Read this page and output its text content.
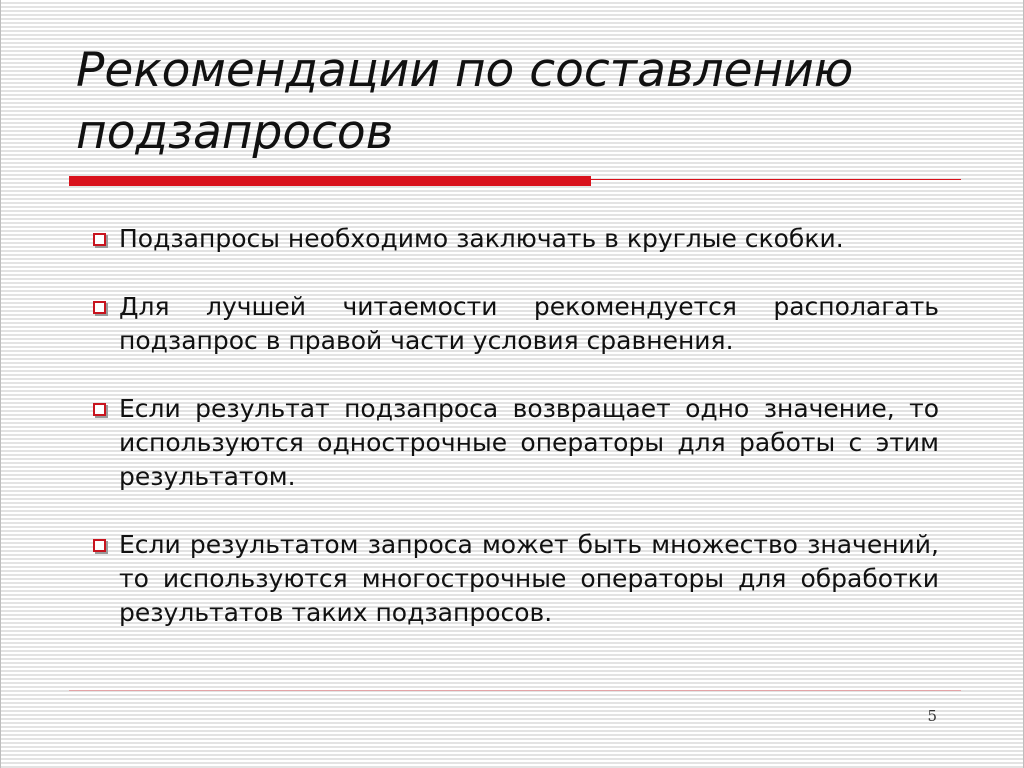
Рекомендации по составлению подзапросов
Подзапросы необходимо заключать в круглые скобки.
Для лучшей читаемости рекомендуется располагать подзапрос в правой части условия сравнения.
Если результат подзапроса возвращает одно значение, то используются однострочные операторы для работы с этим результатом.
Если результатом запроса может быть множество значений, то используются многострочные операторы для обработки результатов таких подзапросов.
5
